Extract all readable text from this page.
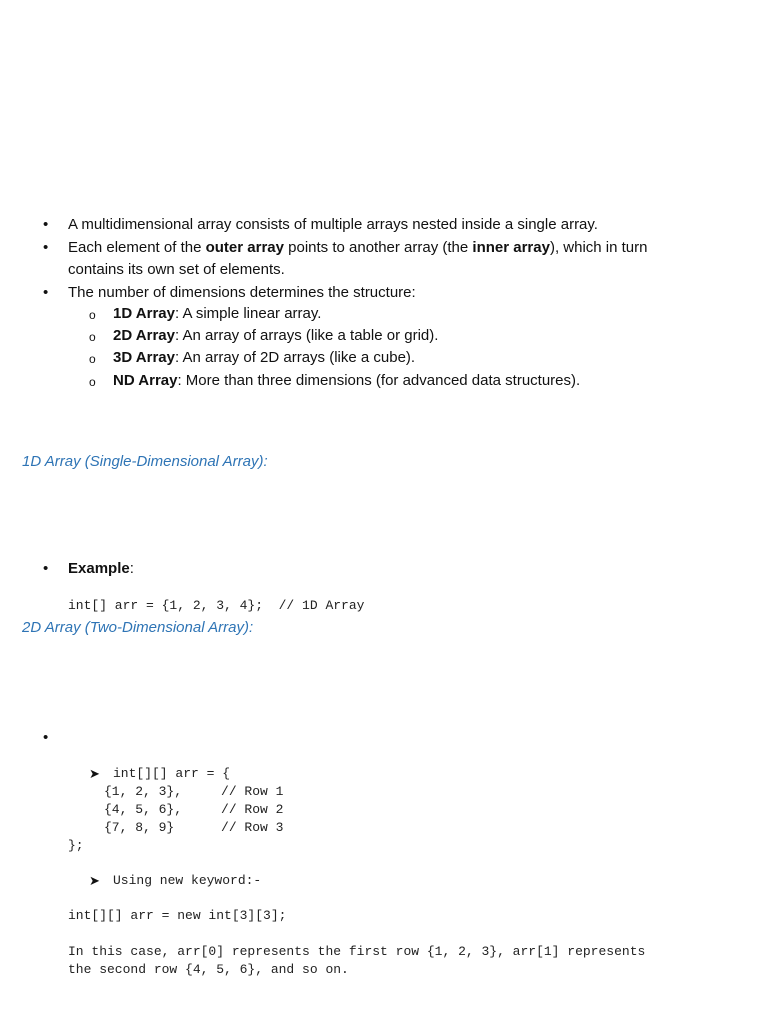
• A multidimensional array consists of multiple arrays nested inside a single array.
• Each element of the outer array points to another array (the inner array), which in turn
contains its own set of elements.
• The number of dimensions determines the structure:
o 1D Array: A simple linear array.
o 2D Array: An array of arrays (like a table or grid).
o 3D Array: An array of 2D arrays (like a cube).
o ND Array: More than three dimensions (for advanced data structures).
1D Array (Single-Dimensional Array):
• Example:
int[] arr = {1, 2, 3, 4};  // 1D Array
2D Array (Two-Dimensional Array):
•
➤ int[][] arr = {
{1, 2, 3},     // Row 1
{4, 5, 6},     // Row 2
{7, 8, 9}      // Row 3
};
➤ Using new keyword:-
int[][] arr = new int[3][3];
In this case, arr[0] represents the first row {1, 2, 3}, arr[1] represents
the second row {4, 5, 6}, and so on.
